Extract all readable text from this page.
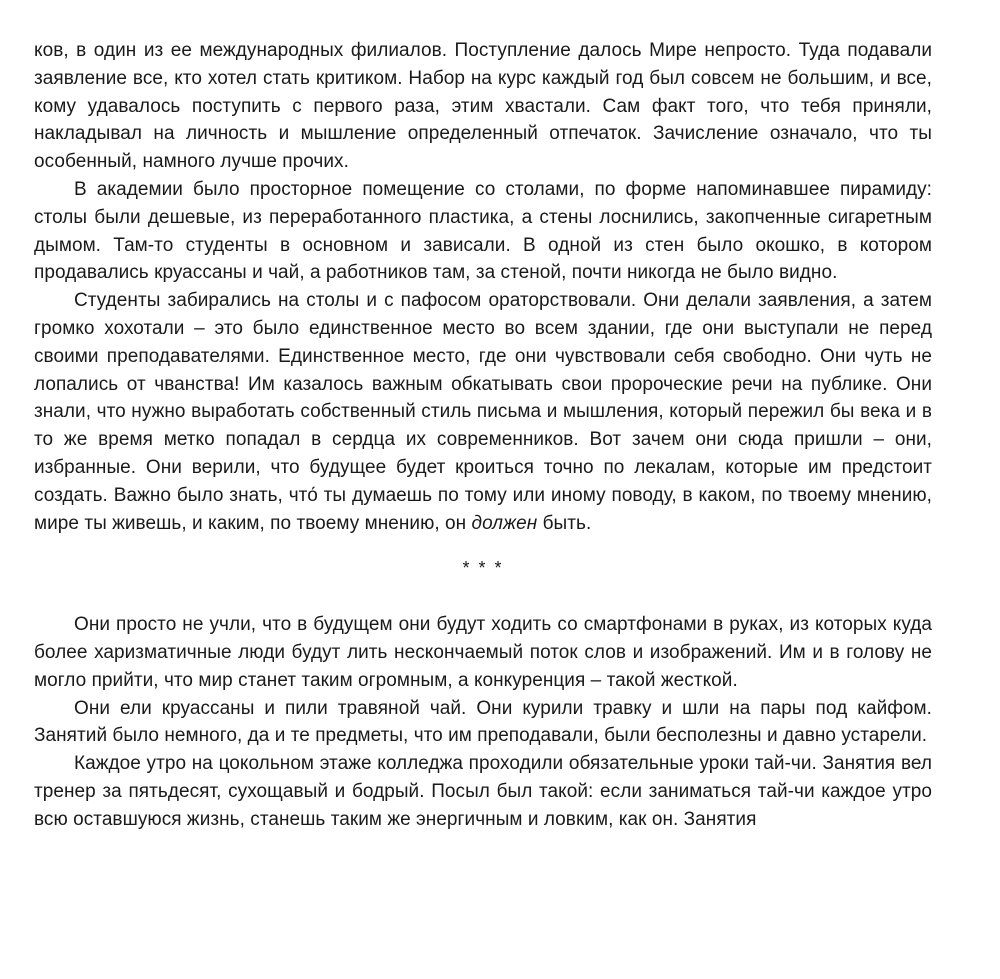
ков, в один из ее международных филиалов. Поступление далось Мире непросто. Туда подавали заявление все, кто хотел стать критиком. Набор на курс каждый год был совсем не большим, и все, кому удавалось поступить с первого раза, этим хвастали. Сам факт того, что тебя приняли, накладывал на личность и мышление определенный отпечаток. Зачисление означало, что ты особенный, намного лучше прочих.

В академии было просторное помещение со столами, по форме напоминавшее пирамиду: столы были дешевые, из переработанного пластика, а стены лоснились, закопченные сигаретным дымом. Там-то студенты в основном и зависали. В одной из стен было окошко, в котором продавались круассаны и чай, а работников там, за стеной, почти никогда не было видно.

Студенты забирались на столы и с пафосом ораторствовали. Они делали заявления, а затем громко хохотали – это было единственное место во всем здании, где они выступали не перед своими преподавателями. Единственное место, где они чувствовали себя свободно. Они чуть не лопались от чванства! Им казалось важным обкатывать свои пророческие речи на публике. Они знали, что нужно выработать собственный стиль письма и мышления, который пережил бы века и в то же время метко попадал в сердца их современников. Вот зачем они сюда пришли – они, избранные. Они верили, что будущее будет кроиться точно по лекалам, которые им предстоит создать. Важно было знать, что́ ты думаешь по тому или иному поводу, в каком, по твоему мнению, мире ты живешь, и каким, по твоему мнению, он должен быть.

* * *

Они просто не учли, что в будущем они будут ходить со смартфонами в руках, из которых куда более харизматичные люди будут лить нескончаемый поток слов и изображений. Им и в голову не могло прийти, что мир станет таким огромным, а конкуренция – такой жесткой.

Они ели круассаны и пили травяной чай. Они курили травку и шли на пары под кайфом. Занятий было немного, да и те предметы, что им преподавали, были бесполезны и давно устарели.

Каждое утро на цокольном этаже колледжа проходили обязательные уроки тай-чи. Занятия вел тренер за пятьдесят, сухощавый и бодрый. Посыл был такой: если заниматься тай-чи каждое утро всю оставшуюся жизнь, станешь таким же энергичным и ловким, как он. Занятия
